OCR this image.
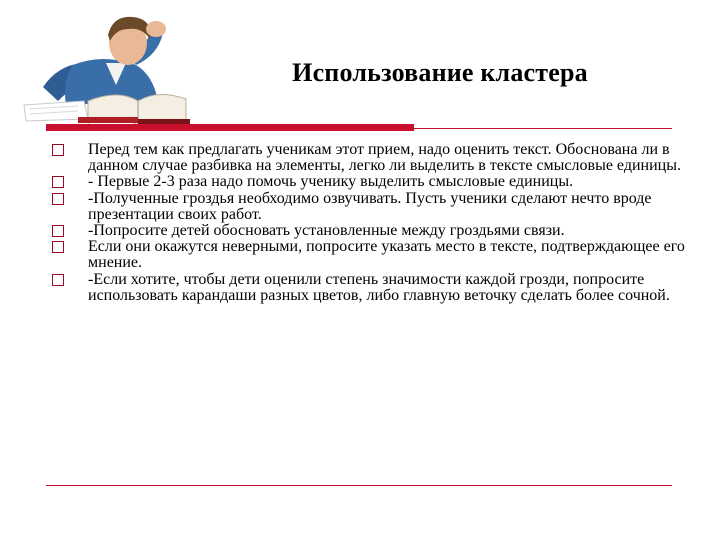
Использование кластера
Перед тем как предлагать ученикам этот прием, надо оценить текст. Обоснована ли в данном случае разбивка на элементы, легко ли выделить в тексте смысловые единицы.
- Первые 2-3 раза надо помочь ученику выделить смысловые единицы.
-Полученные гроздья необходимо озвучивать. Пусть ученики сделают нечто вроде презентации своих работ.
-Попросите детей обосновать установленные между гроздьями связи.
Если они окажутся неверными, попросите указать место в тексте, подтверждающее его мнение.
-Если хотите, чтобы дети оценили степень значимости каждой грозди, попросите использовать карандаши разных цветов, либо главную веточку сделать более сочной.
